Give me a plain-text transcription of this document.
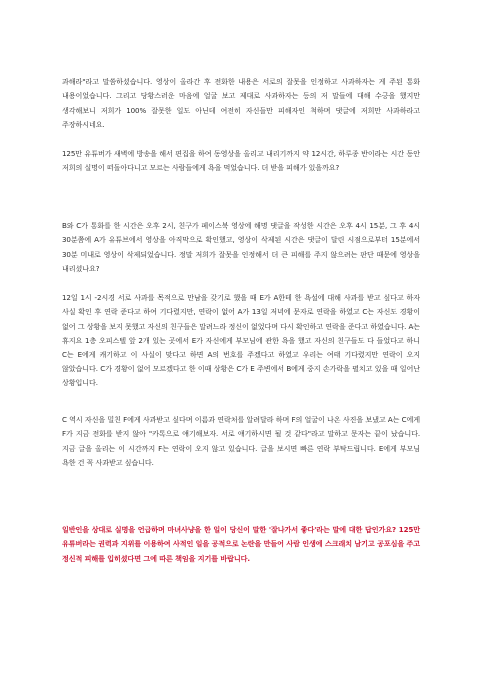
과해라"라고 말씀하셨습니다. 영상이 올라간 후 전화한 내용은 서로의 잘못을 인정하고 사과하자는 게 주된 통화 내용이었습니다. 그리고 당황스러운 마음에 얼굴 보고 제대로 사과하자는 등의 저 말들에 대해 수긍을 했지만 생각해보니 저희가 100% 잘못한 일도 아닌데 여전히 자신들만 피해자인 척하며 댓글에 저희만 사과하라고 주장하시네요.

125만 유튜버가 새벽에 방송을 해서 편집을 하여 동영상을 올리고 내리기까지 약 12시간, 하루종 반이라는 시간 동안 저희의 실명이 떠돌아다니고 모르는 사람들에게 욕을 먹었습니다. 더 받을 피해가 있을까요?

B와 C가 통화를 한 시간은 오후 2시, 친구가 페이스북 영상에 해명 댓글을 작성한 시간은 오후 4시 15분, 그 후 4시 30분쯤에 A가 유튜브에서 영상을 아직막으로 확인했고, 영상이 삭제된 시간은 댓글이 달린 시점으로부터 15분에서 30분 미내로 영상이 삭제되었습니다. 정말 저희가 잘못을 인정해서 더 큰 피해를 주지 않으려는 판단 때문에 영상을 내리셨나요?

12일 1시 -2시경 서로 사과를 목적으로 만남을 갖기로 했을 때 E가 A한테 한 욕설에 대해 사과를 받고 싶다고 하자 사실 확인 후 연락 준다고 하여 기다렸지만, 연락이 없어 A가 13일 저녁에 문자로 연락을 하였고 C는 자신도 경황이 없어 그 상황을 보지 못했고 자신의 친구들은 말려느라 정신이 없었다며 다시 확인하고 연락을 준다고 하였습니다. A는 휴지요 1층 오피스텔 앞 2개 있는 곳에서 E가 자신에게 부모님에 관한 욕을 했고 자신의 친구들도 다 들었다고 하니 C는 E에게 캐기하고 이 사실이 맞다고 하면 A의 번호를 주겠다고 하였고 우리는 여태 기다렸지만 연락이 오지 않았습니다. C가 경황이 없어 모르겠다고 한 이때 상황은 C가 E 주변에서 B에게 중지 손가락을 펼치고 있을 때 일어난 상황입니다.

C 역시 자신을 밀친 F에게 사과받고 싶다며 이름과 연락처를 알려달라 하며 F의 얼굴이 나온 사진을 보냈고 A는 C에게 F가 지금 전화를 받지 않아 "카톡으로 얘기해보자. 서로 얘기하시면 될 것 같다"라고 말하고 문자는 끝이 났습니다. 지금 글을 올리는 이 시간까지 F는 연락이 오지 않고 있습니다. 글을 보시면 빠른 연락 부탁드립니다. E에게 부모님 욕한 건 꼭 사과받고 싶습니다.

일반인을 상대로 실명을 언급하며 마녀사냥을 한 일이 당신이 말한 '잘나가서 좋다'라는 말에 대한 답인가요? 125만 유튜버라는 권력과 지위를 이용하여 사적인 일을 공적으로 논란을 만들어 사람 인생에 스크래치 남기고 공포심을 주고 정신적 피해를 입히셨다면 그에 따른 책임을 지기를 바랍니다.
